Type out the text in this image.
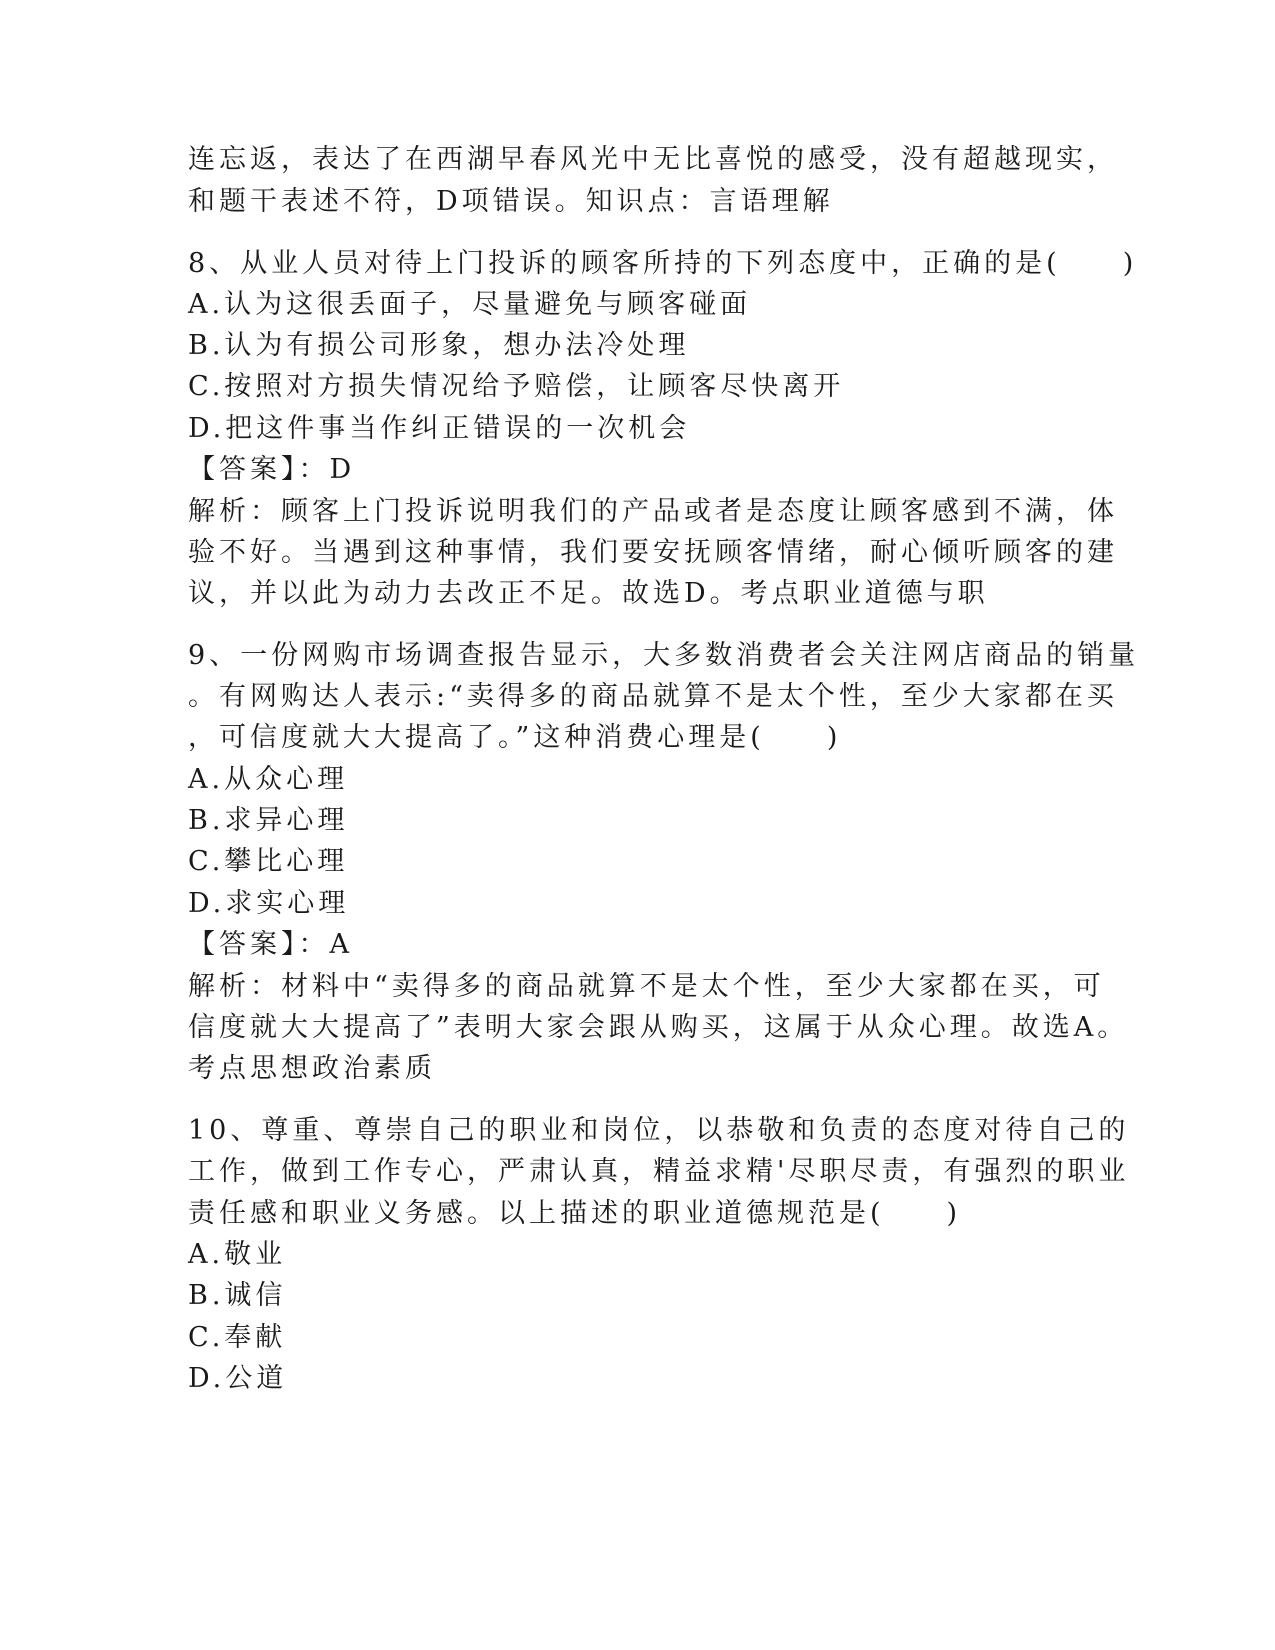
连忘返，表达了在西湖早春风光中无比喜悦的感受，没有超越现实，
和题干表述不符，D项错误。知识点：言语理解
8、从业人员对待上门投诉的顾客所持的下列态度中，正确的是(　　)
A.认为这很丢面子，尽量避免与顾客碰面
B.认为有损公司形象，想办法冷处理
C.按照对方损失情况给予赔偿，让顾客尽快离开
D.把这件事当作纠正错误的一次机会
【答案】：D
解析：顾客上门投诉说明我们的产品或者是态度让顾客感到不满，体
验不好。当遇到这种事情，我们要安抚顾客情绪，耐心倾听顾客的建
议，并以此为动力去改正不足。故选D。考点职业道德与职
9、一份网购市场调查报告显示，大多数消费者会关注网店商品的销量
。有网购达人表示:“卖得多的商品就算不是太个性，至少大家都在买
，可信度就大大提高了。”这种消费心理是(　　)
A.从众心理
B.求异心理
C.攀比心理
D.求实心理
【答案】：A
解析：材料中“卖得多的商品就算不是太个性，至少大家都在买，可
信度就大大提高了”表明大家会跟从购买，这属于从众心理。故选A。
考点思想政治素质
10、尊重、尊崇自己的职业和岗位，以恭敬和负责的态度对待自己的
工作，做到工作专心，严肃认真，精益求精'尽职尽责，有强烈的职业
责任感和职业义务感。以上描述的职业道德规范是(　　)
A.敬业
B.诚信
C.奉献
D.公道
